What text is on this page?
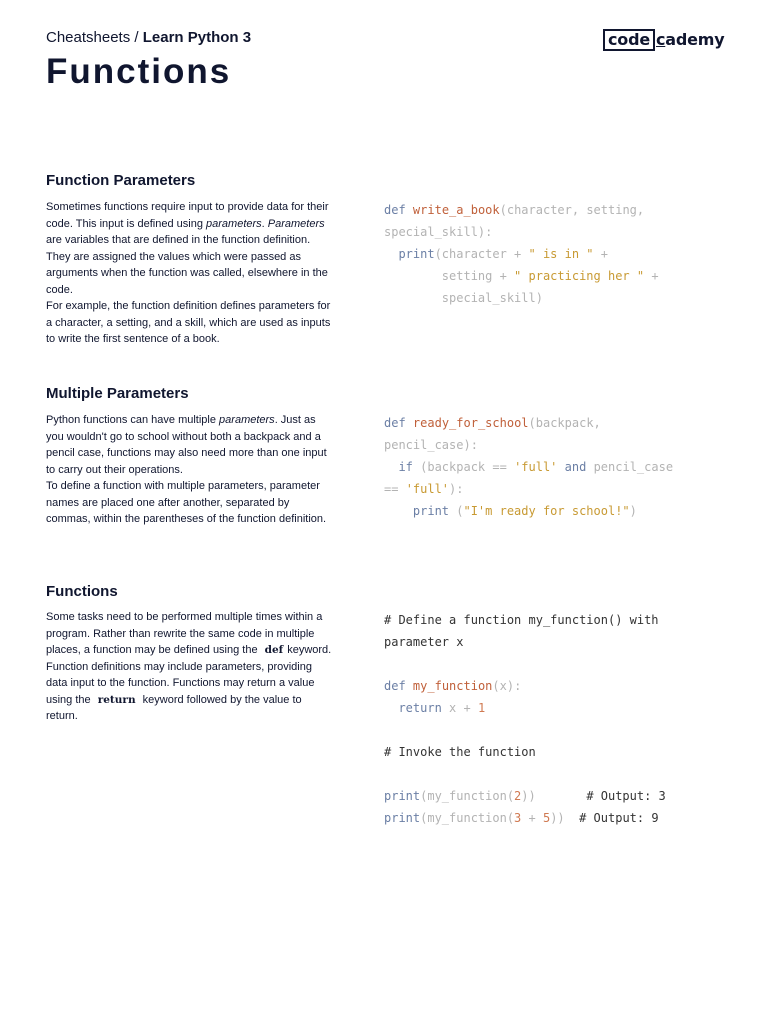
Cheatsheets / Learn Python 3	code cademy
Functions
Function Parameters

Sometimes functions require input to provide data for their code. This input is defined using parameters. Parameters are variables that are defined in the function definition. They are assigned the values which were passed as arguments when the function was called, elsewhere in the code.

For example, the function definition defines parameters for a character, a setting, and a skill, which are used as inputs to write the first sentence of a book.

def write_a_book(character, setting,
special_skill):
print(character + " is in " +
setting + " practicing her " +
special_skill)
Multiple Parameters

Python functions can have multiple parameters. Just as you wouldn't go to school without both a backpack and a pencil case, functions may also need more than one input to carry out their operations.

To define a function with multiple parameters, parameter names are placed one after another, separated by commas, within the parentheses of the function definition.

def ready_for_school(backpack,
pencil_case):
if (backpack == 'full' and pencil_case
== 'full'):
print ("I'm ready for school!")
Functions

Some tasks need to be performed multiple times within a program. Rather than rewrite the same code in multiple places, a function may be defined using the def keyword. Function definitions may include parameters, providing data input to the function. Functions may return a value using the return keyword followed by the value to return.

# Define a function my_function() with
parameter x

def my_function(x):
return x + 1

# Invoke the function

print(my_function(2))	# Output: 3
print(my_function(3 + 5)) # Output: 9
